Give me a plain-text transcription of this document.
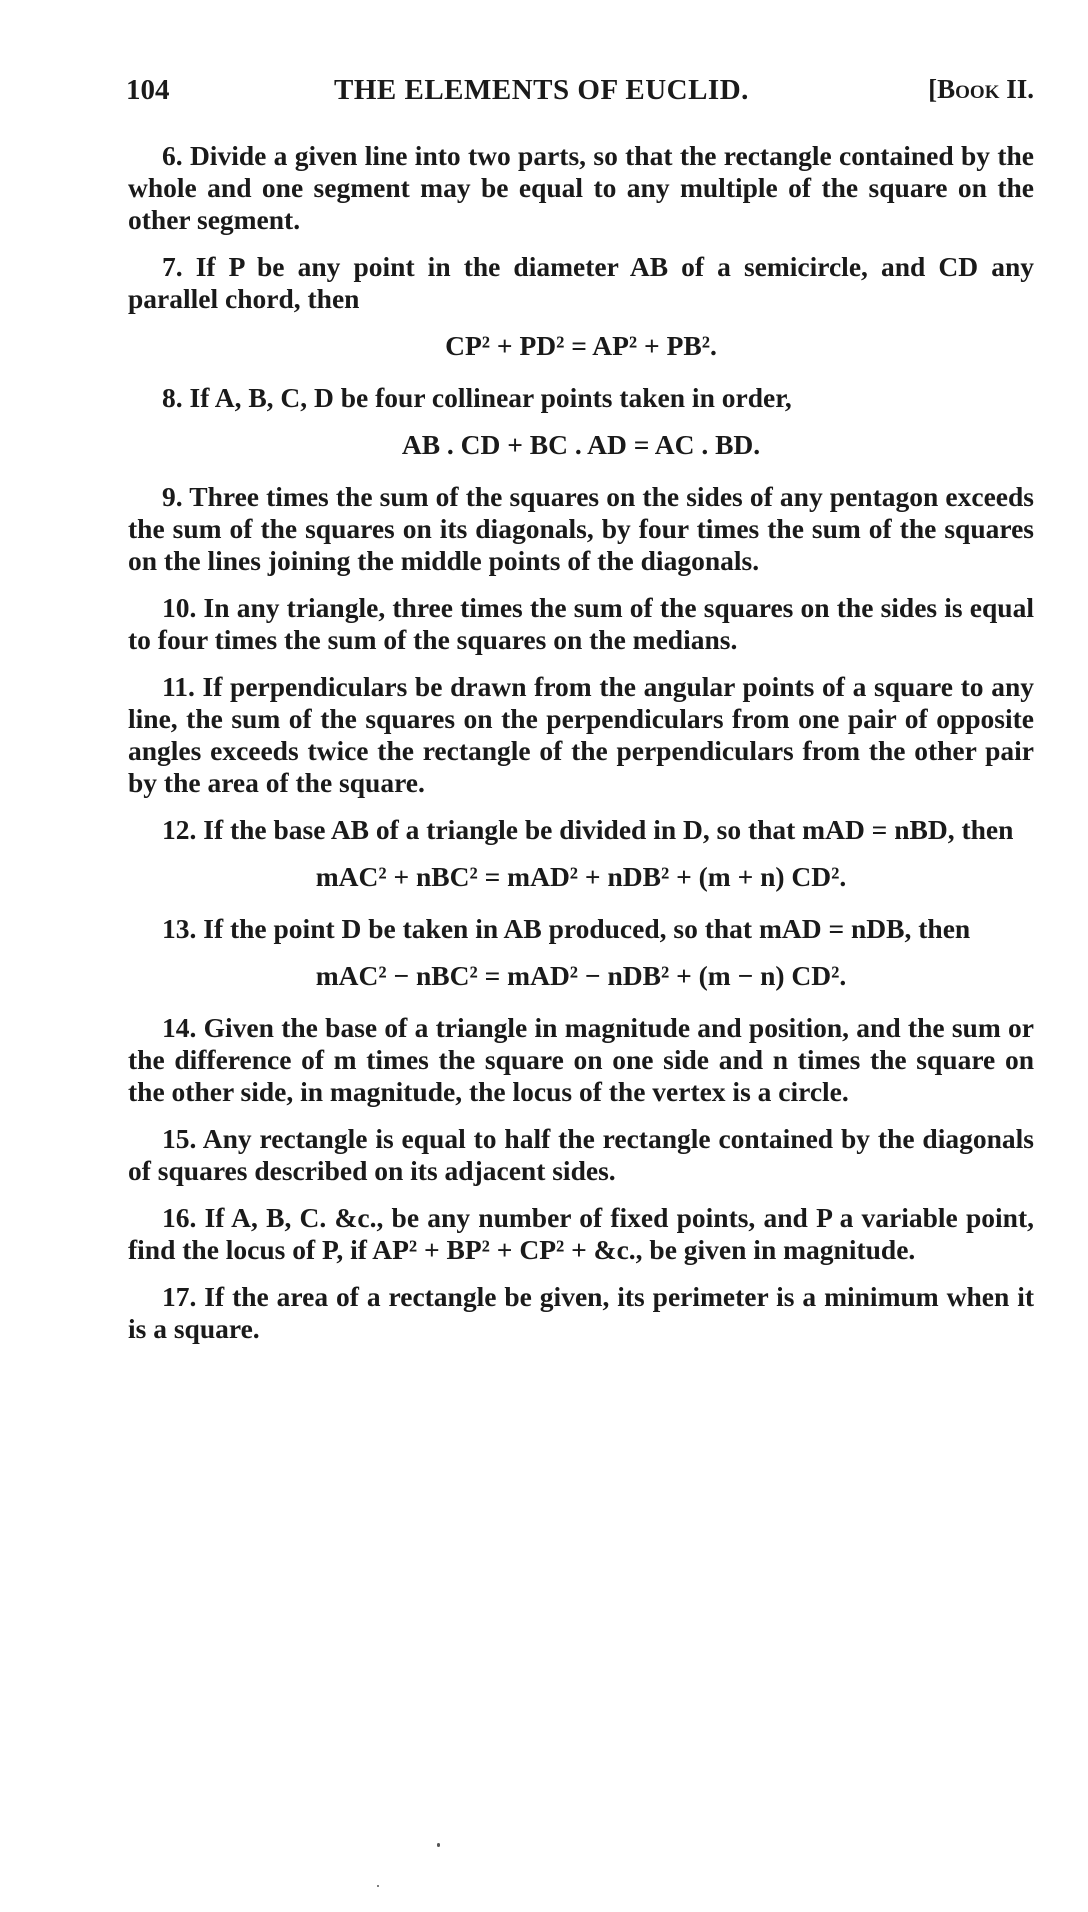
104	THE ELEMENTS OF EUCLID.	[Book II.

6. Divide a given line into two parts, so that the rectangle contained by the whole and one segment may be equal to any multiple of the square on the other segment.

7. If P be any point in the diameter AB of a semicircle, and CD any parallel chord, then

CP² + PD² = AP² + PB².

8. If A, B, C, D be four collinear points taken in order,

AB . CD + BC . AD = AC . BD.

9. Three times the sum of the squares on the sides of any pentagon exceeds the sum of the squares on its diagonals, by four times the sum of the squares on the lines joining the middle points of the diagonals.

10. In any triangle, three times the sum of the squares on the sides is equal to four times the sum of the squares on the medians.

11. If perpendiculars be drawn from the angular points of a square to any line, the sum of the squares on the perpendiculars from one pair of opposite angles exceeds twice the rectangle of the perpendiculars from the other pair by the area of the square.

12. If the base AB of a triangle be divided in D, so that mAD = nBD, then

mAC² + nBC² = mAD² + nDB² + (m + n) CD².

13. If the point D be taken in AB produced, so that mAD = nDB, then

mAC² − nBC² = mAD² − nDB² + (m − n) CD².

14. Given the base of a triangle in magnitude and position, and the sum or the difference of m times the square on one side and n times the square on the other side, in magnitude, the locus of the vertex is a circle.

15. Any rectangle is equal to half the rectangle contained by the diagonals of squares described on its adjacent sides.

16. If A, B, C. &c., be any number of fixed points, and P a variable point, find the locus of P, if AP² + BP² + CP² + &c., be given in magnitude.

17. If the area of a rectangle be given, its perimeter is a minimum when it is a square.
